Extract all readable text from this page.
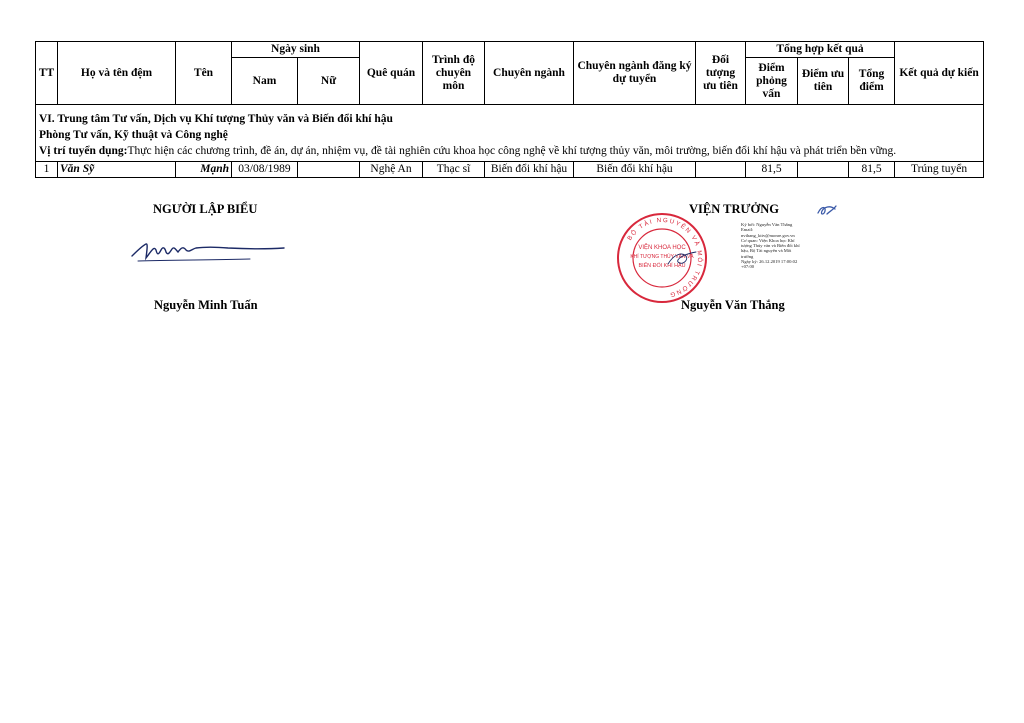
TT	Họ và tên đệm	Tên	Ngày sinh		Quê quán	Trình độ chuyên môn	Chuyên ngành	Chuyên ngành đăng ký dự tuyển	Đối tượng ưu tiên	Tổng hợp kết quả			Kết quả dự kiến
			Nam	Nữ						Điểm phỏng vấn	Điểm ưu tiên	Tổng điểm	

VI. Trung tâm Tư vấn, Dịch vụ Khí tượng Thủy văn và Biến đổi khí hậu
Phòng Tư vấn, Kỹ thuật và Công nghệ
Vị trí tuyển dụng:Thực hiện các chương trình, đề án, dự án, nhiệm vụ, đề tài nghiên cứu khoa học công nghệ về khí tượng thủy văn, môi trường, biến đổi khí hậu và phát triển bền vững.													

1	Văn Sỹ	Mạnh	03/08/1989		Nghệ An	Thạc sĩ	Biến đổi khí hậu	Biến đổi khí hậu		81,5		81,5	Trúng tuyển
NGƯỜI LẬP BIỂU
Nguyễn Minh Tuấn
VIỆN TRƯỞNG
BỘ TÀI NGUYÊN VÀ MÔI TRƯỜNG
VIỆN KHOA HỌC
KHÍ TƯỢNG THỦY VĂN VÀ
BIẾN ĐỔI KHÍ HẬU
Ký bởi: Nguyễn Văn Thắng
Email: nvthang_kttv@monre.gov.vn
Cơ quan: Viện Khoa học Khí tượng Thủy văn và Biến đổi khí hậu, Bộ Tài nguyên và Môi trường
Ngày ký: 26.12.2019 17:00:02 +07:00
Nguyễn Văn Thắng
